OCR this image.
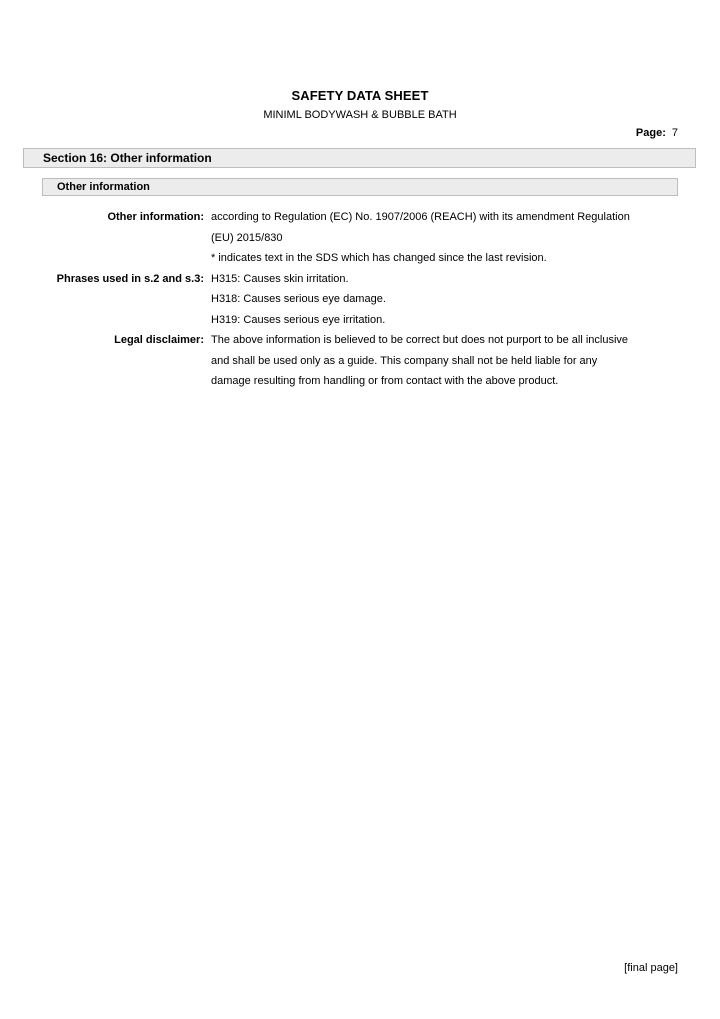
SAFETY DATA SHEET
MINIML BODYWASH & BUBBLE BATH
Page: 7
Section 16: Other information
Other information
Other information: according to Regulation (EC) No. 1907/2006 (REACH) with its amendment Regulation
(EU) 2015/830
* indicates text in the SDS which has changed since the last revision.
Phrases used in s.2 and s.3: H315: Causes skin irritation.
H318: Causes serious eye damage.
H319: Causes serious eye irritation.
Legal disclaimer: The above information is believed to be correct but does not purport to be all inclusive
and shall be used only as a guide. This company shall not be held liable for any
damage resulting from handling or from contact with the above product.
[final page]
